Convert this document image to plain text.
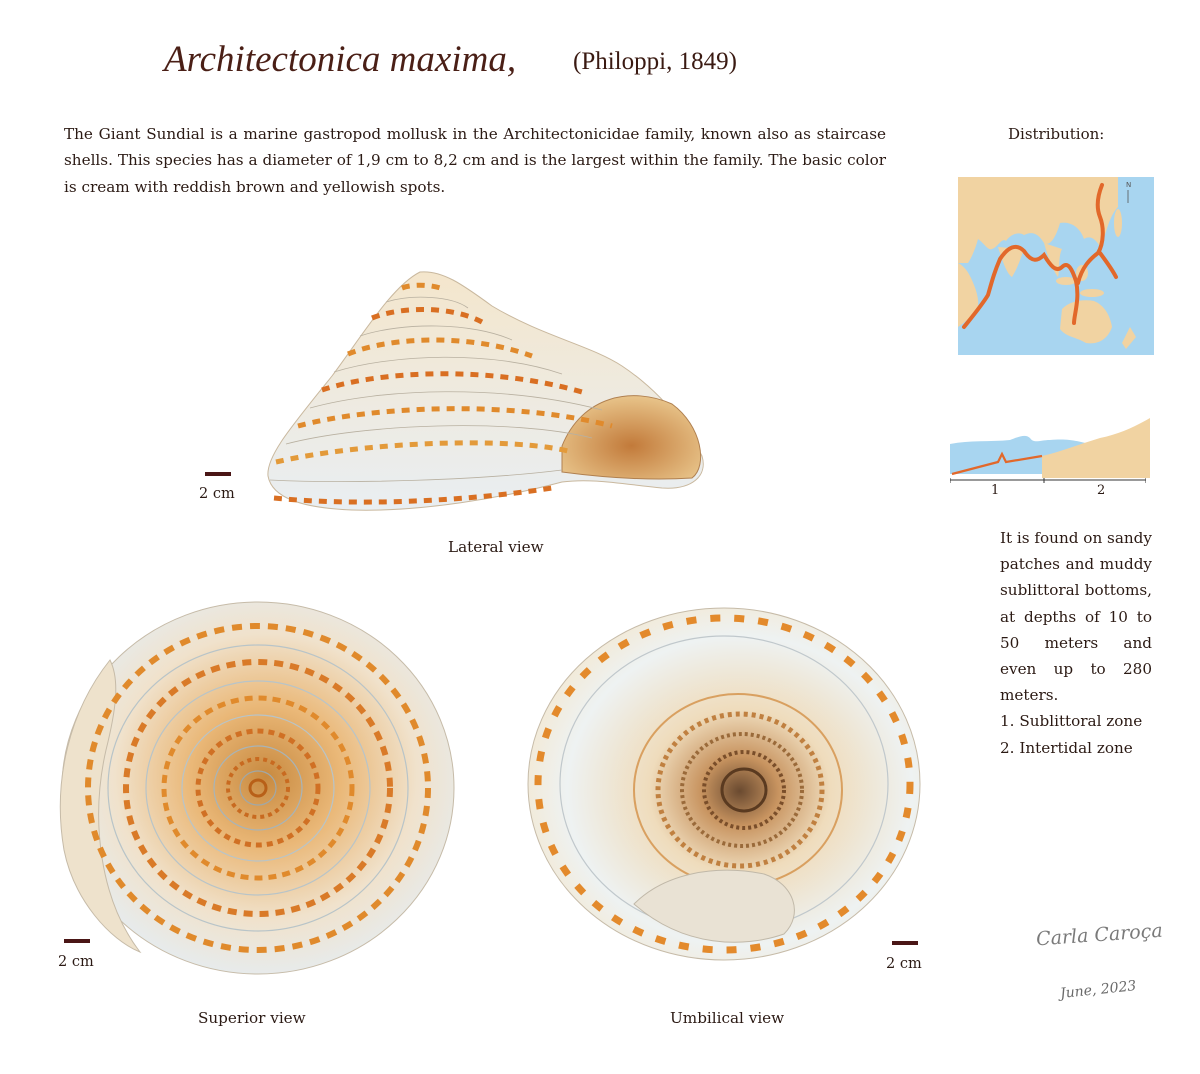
Architectonica maxima, (Philoppi, 1849)
The Giant Sundial is a marine gastropod mollusk in the Architectonicidae family, known also as staircase shells. This species has a diameter of 1,9 cm to 8,2 cm and is the largest within the family. The basic color is cream with reddish brown and yellowish spots.
Distribution:
N
1	2

It is found on sandy patches and muddy sublittoral bottoms, at depths of 10 to 50 meters and even up to 280 meters.

1. Sublittoral zone

2. Intertidal zone

2 cm
Lateral view
2 cm
Superior view
2 cm
Umbilical view
Carla Caroça
June, 2023
